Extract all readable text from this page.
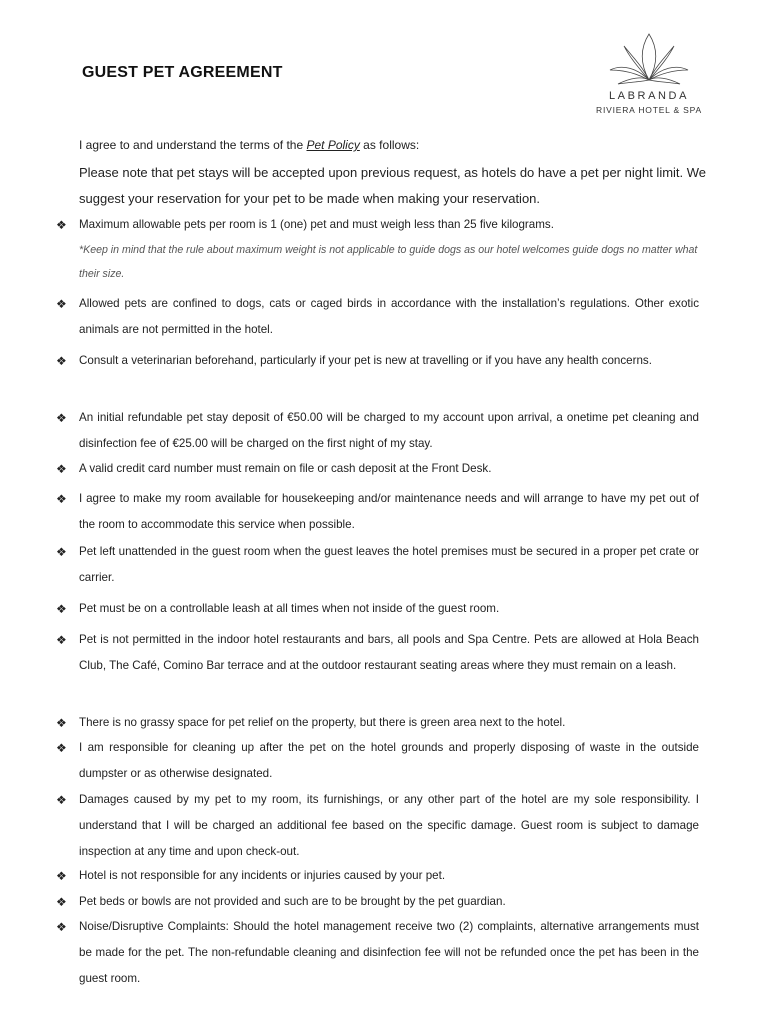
GUEST PET AGREEMENT
LABRANDA
RIVIERA HOTEL & SPA
I agree to and understand the terms of the Pet Policy as follows:
Please note that pet stays will be accepted upon previous request, as hotels do have a pet per night limit. We suggest your reservation for your pet to be made when making your reservation.
❖
Maximum allowable pets per room is 1 (one) pet and must weigh less than 25 five kilograms.
*Keep in mind that the rule about maximum weight is not applicable to guide dogs as our hotel welcomes guide dogs no matter what their size.
❖
Allowed pets are confined to dogs, cats or caged birds in accordance with the installation’s regulations. Other exotic animals are not permitted in the hotel.
❖
Consult a veterinarian beforehand, particularly if your pet is new at travelling or if you have any health concerns.
❖
An initial refundable pet stay deposit of €50.00 will be charged to my account upon arrival, a onetime pet cleaning and disinfection fee of €25.00 will be charged on the first night of my stay.
❖
A valid credit card number must remain on file or cash deposit at the Front Desk.
❖
I agree to make my room available for housekeeping and/or maintenance needs and will arrange to have my pet out of the room to accommodate this service when possible.
❖
Pet left unattended in the guest room when the guest leaves the hotel premises must be secured in a proper pet crate or carrier.
❖
Pet must be on a controllable leash at all times when not inside of the guest room.
❖
Pet is not permitted in the indoor hotel restaurants and bars, all pools and Spa Centre. Pets are allowed at Hola Beach Club, The Café, Comino Bar terrace and at the outdoor restaurant seating areas where they must remain on a leash.
❖
There is no grassy space for pet relief on the property, but there is green area next to the hotel.
❖
I am responsible for cleaning up after the pet on the hotel grounds and properly disposing of waste in the outside dumpster or as otherwise designated.
❖
Damages caused by my pet to my room, its furnishings, or any other part of the hotel are my sole responsibility. I understand that I will be charged an additional fee based on the specific damage. Guest room is subject to damage inspection at any time and upon check-out.
❖
Hotel is not responsible for any incidents or injuries caused by your pet.
❖
Pet beds or bowls are not provided and such are to be brought by the pet guardian.
❖
Noise/Disruptive Complaints: Should the hotel management receive two (2) complaints, alternative arrangements must be made for the pet. The non-refundable cleaning and disinfection fee will not be refunded once the pet has been in the guest room.
